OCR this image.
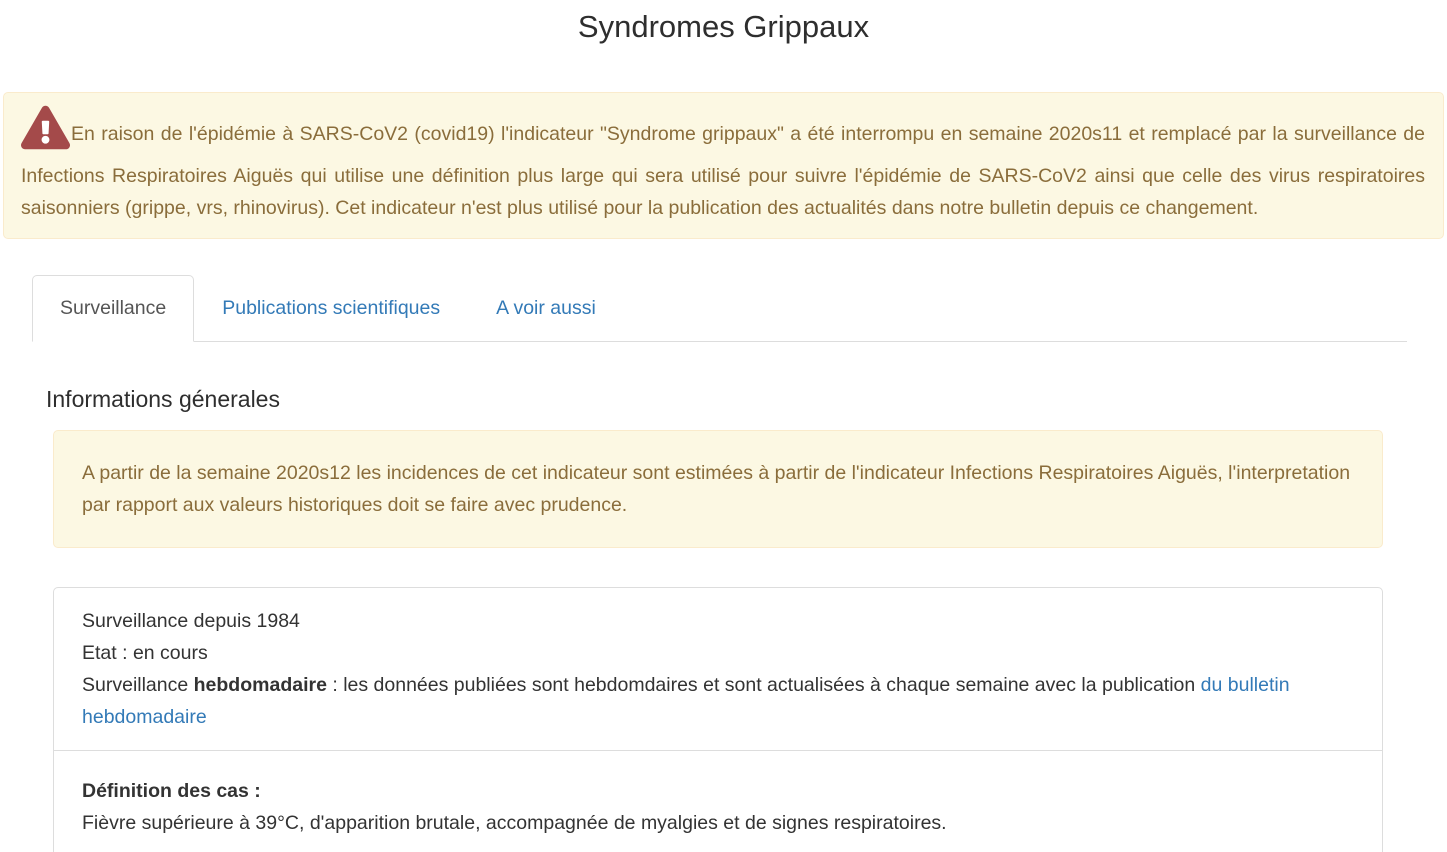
Syndromes Grippaux
En raison de l'épidémie à SARS-CoV2 (covid19) l'indicateur "Syndrome grippaux" a été interrompu en semaine 2020s11 et remplacé par la surveillance de Infections Respiratoires Aiguës qui utilise une définition plus large qui sera utilisé pour suivre l'épidémie de SARS-CoV2 ainsi que celle des virus respiratoires saisonniers (grippe, vrs, rhinovirus). Cet indicateur n'est plus utilisé pour la publication des actualités dans notre bulletin depuis ce changement.
Surveillance	Publications scientifiques	A voir aussi
Informations génerales
A partir de la semaine 2020s12 les incidences de cet indicateur sont estimées à partir de l'indicateur Infections Respiratoires Aiguës, l'interpretation par rapport aux valeurs historiques doit se faire avec prudence.
Surveillance depuis 1984
Etat : en cours
Surveillance hebdomadaire : les données publiées sont hebdomdaires et sont actualisées à chaque semaine avec la publication du bulletin hebdomadaire
Définition des cas :
Fièvre supérieure à 39°C, d'apparition brutale, accompagnée de myalgies et de signes respiratoires.
